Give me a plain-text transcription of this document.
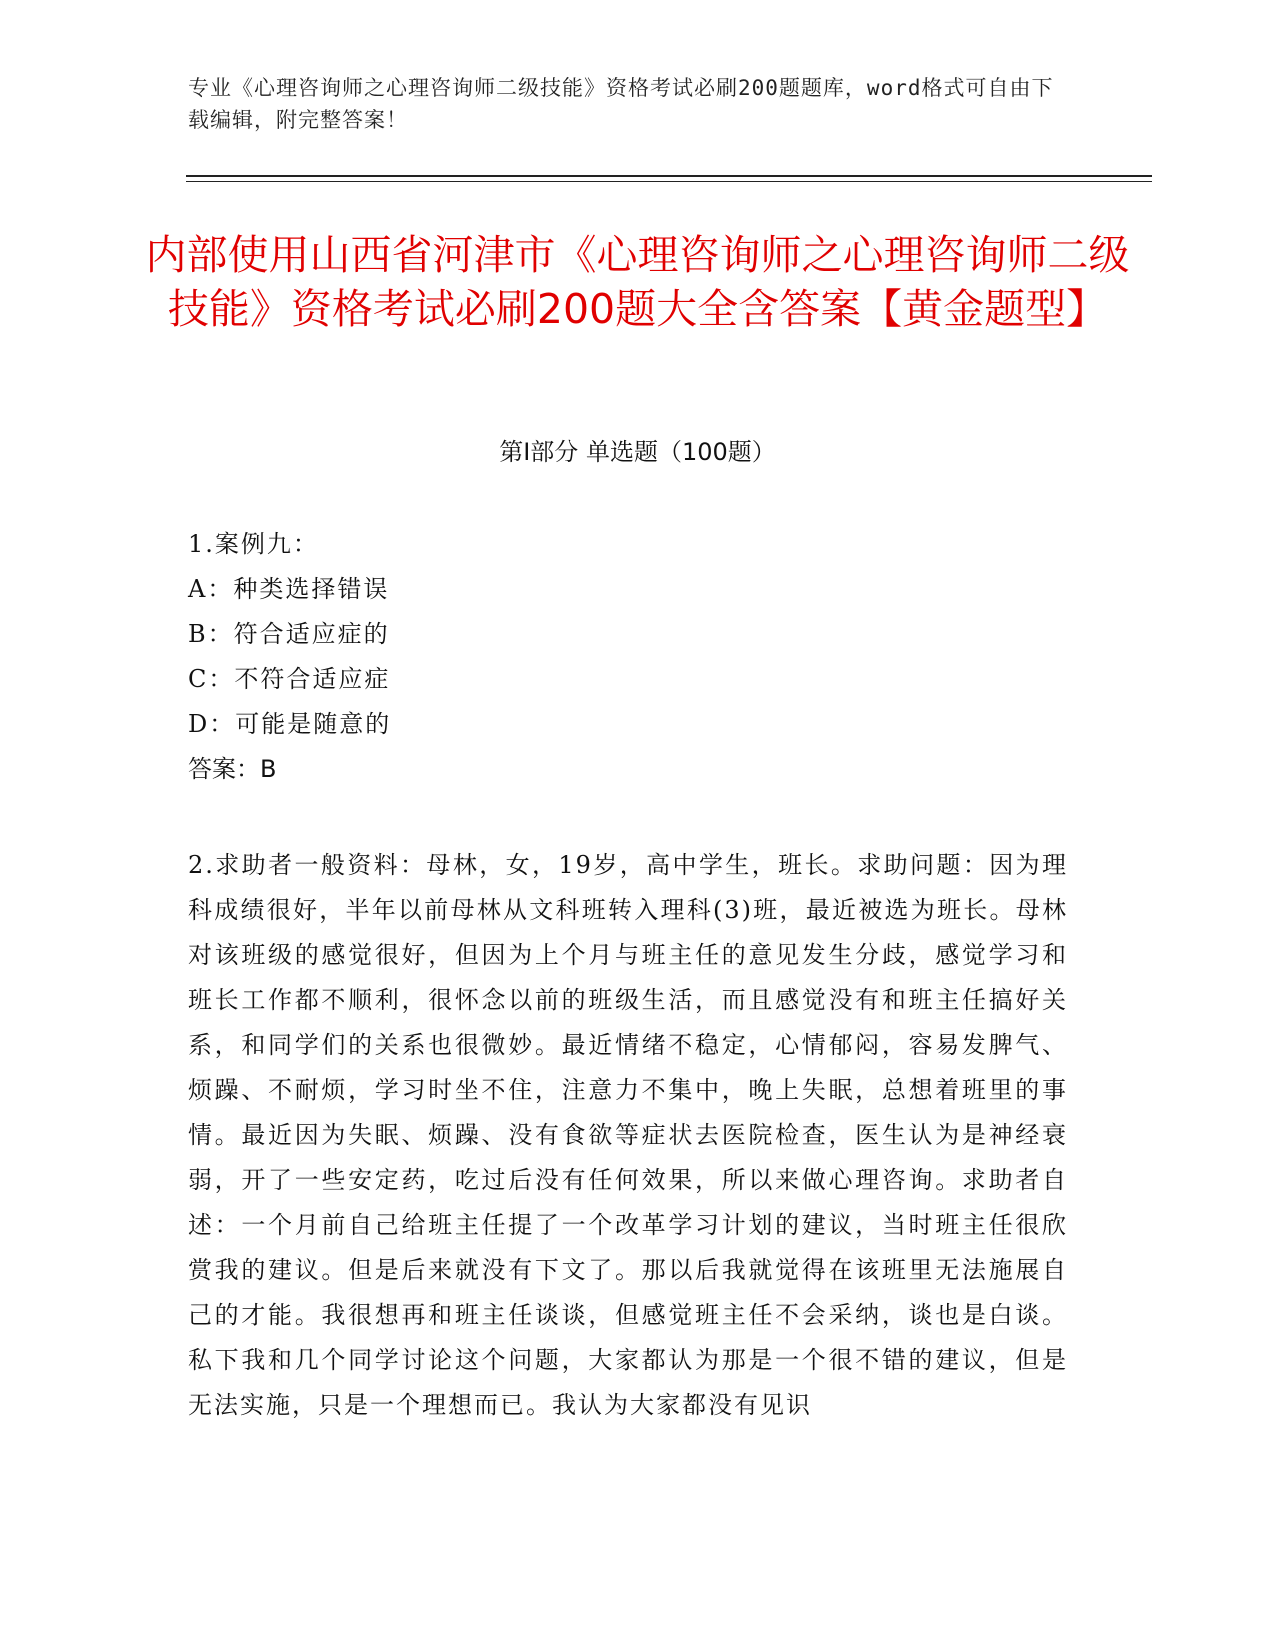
专业《心理咨询师之心理咨询师二级技能》资格考试必刷200题题库，word格式可自由下载编辑，附完整答案！
内部使用山西省河津市《心理咨询师之心理咨询师二级技能》资格考试必刷200题大全含答案【黄金题型】
第Ⅰ部分 单选题（100题）
1.案例九：
A：种类选择错误
B：符合适应症的
C：不符合适应症
D：可能是随意的
答案：B
2.求助者一般资料：母林，女，19岁，高中学生，班长。求助问题：因为理科成绩很好，半年以前母林从文科班转入理科(3)班，最近被选为班长。母林对该班级的感觉很好，但因为上个月与班主任的意见发生分歧，感觉学习和班长工作都不顺利，很怀念以前的班级生活，而且感觉没有和班主任搞好关系，和同学们的关系也很微妙。最近情绪不稳定，心情郁闷，容易发脾气、烦躁、不耐烦，学习时坐不住，注意力不集中，晚上失眠，总想着班里的事情。最近因为失眠、烦躁、没有食欲等症状去医院检查，医生认为是神经衰弱，开了一些安定药，吃过后没有任何效果，所以来做心理咨询。求助者自述：一个月前自己给班主任提了一个改革学习计划的建议，当时班主任很欣赏我的建议。但是后来就没有下文了。那以后我就觉得在该班里无法施展自己的才能。我很想再和班主任谈谈，但感觉班主任不会采纳，谈也是白谈。私下我和几个同学讨论这个问题，大家都认为那是一个很不错的建议，但是无法实施，只是一个理想而已。我认为大家都没有见识
